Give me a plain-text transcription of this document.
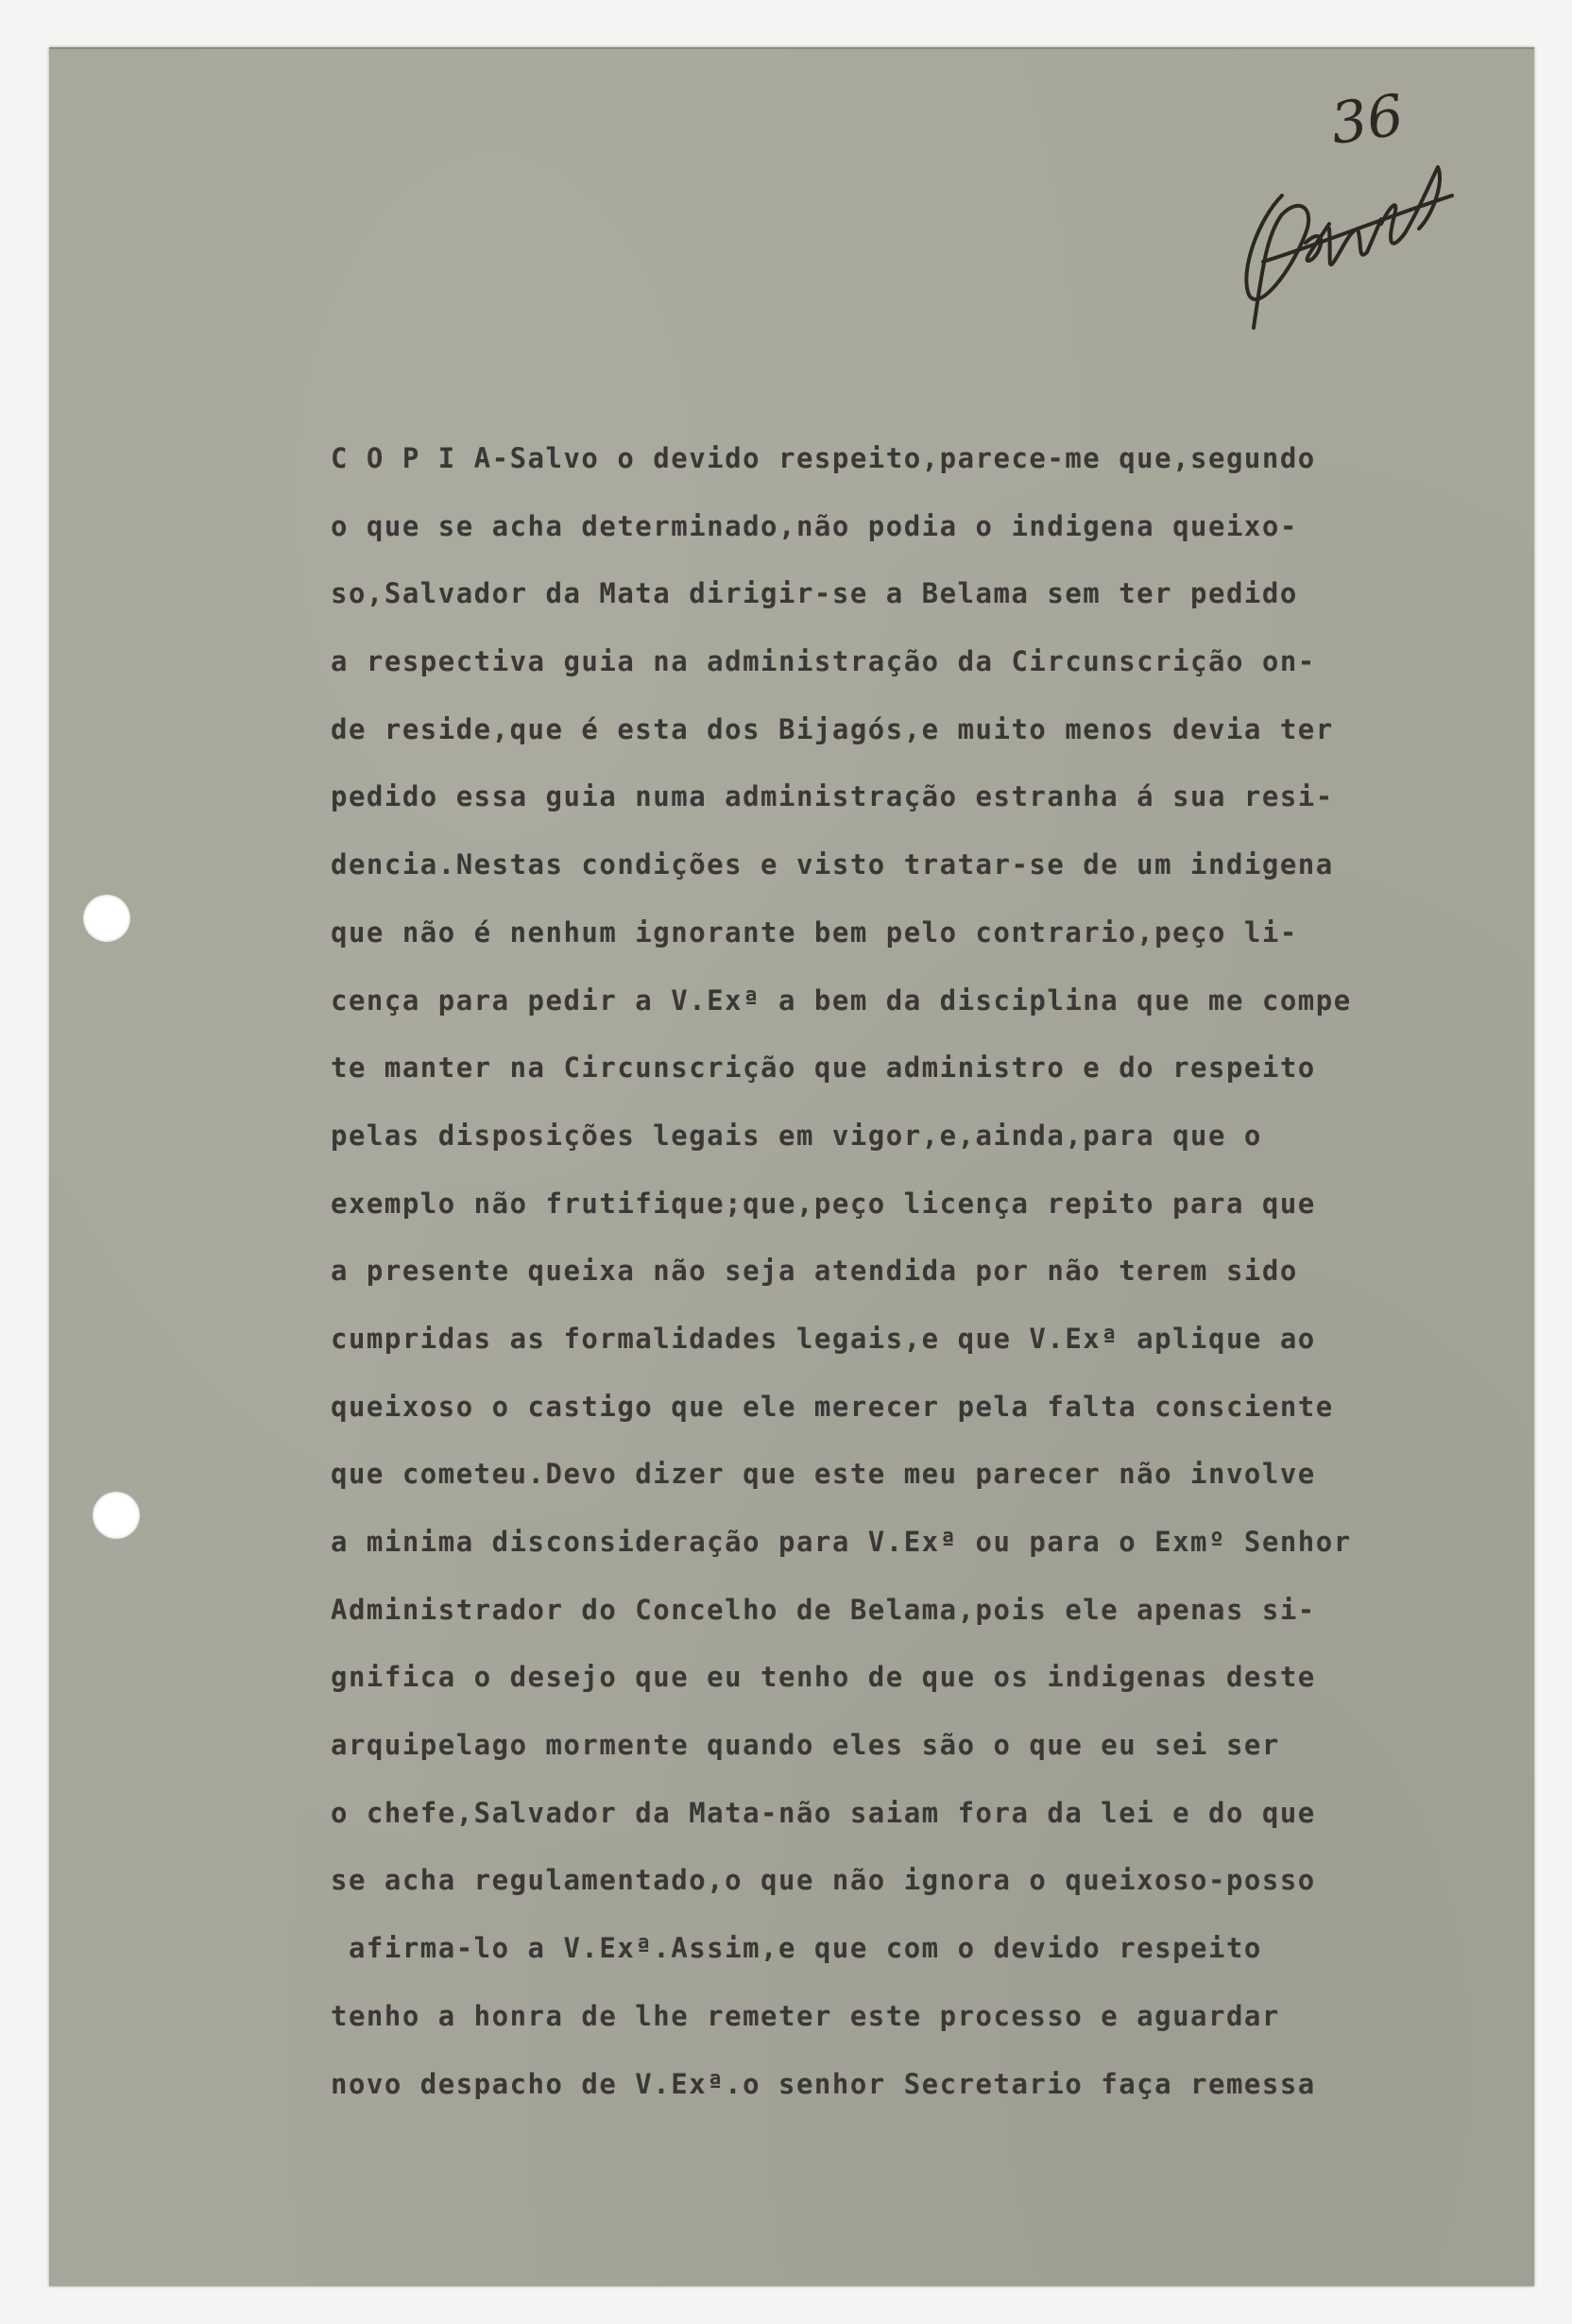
36
C O P I A-Salvo o devido respeito,parece-me que,segundo
o que se acha determinado,não podia o indigena queixo-
so,Salvador da Mata dirigir-se a Belama sem ter pedido
a respectiva guia na administração da Circunscrição on-
de reside,que é esta dos Bijagós,e muito menos devia ter
pedido essa guia numa administração estranha á sua resi-
dencia.Nestas condições e visto tratar-se de um indigena
que não é nenhum ignorante bem pelo contrario,peço li-
cença para pedir a V.Exª a bem da disciplina que me compe
te manter na Circunscrição que administro e do respeito
pelas disposições legais em vigor,e,ainda,para que o
exemplo não frutifique;que,peço licença repito para que
a presente queixa não seja atendida por não terem sido
cumpridas as formalidades legais,e que V.Exª aplique ao
queixoso o castigo que ele merecer pela falta consciente
que cometeu.Devo dizer que este meu parecer não involve
a minima disconsideração para V.Exª ou para o Exmº Senhor
Administrador do Concelho de Belama,pois ele apenas si-
gnifica o desejo que eu tenho de que os indigenas deste
arquipelago mormente quando eles são o que eu sei ser
o chefe,Salvador da Mata-não saiam fora da lei e do que
se acha regulamentado,o que não ignora o queixoso-posso
afirma-lo a V.Exª.Assim,e que com o devido respeito
tenho a honra de lhe remeter este processo e aguardar
novo despacho de V.Exª.o senhor Secretario faça remessa
